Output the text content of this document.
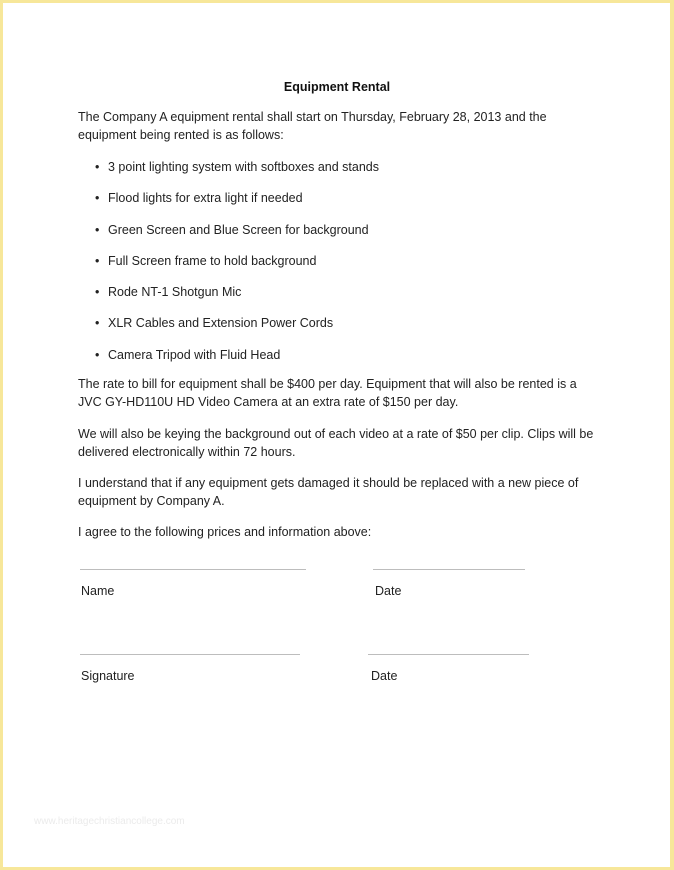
Equipment Rental
The Company A equipment rental shall start on Thursday, February 28, 2013 and the equipment being rented is as follows:
• 3 point lighting system with softboxes and stands
• Flood lights for extra light if needed
• Green Screen and Blue Screen for background
• Full Screen frame to hold background
• Rode NT-1 Shotgun Mic
• XLR Cables and Extension Power Cords
• Camera Tripod with Fluid Head
The rate to bill for equipment shall be $400 per day. Equipment that will also be rented is a JVC GY-HD110U HD Video Camera at an extra rate of $150 per day.
We will also be keying the background out of each video at a rate of $50 per clip. Clips will be delivered electronically within 72 hours.
I understand that if any equipment gets damaged it should be replaced with a new piece of equipment by Company A.
I agree to the following prices and information above:
Name	Date
Signature	Date
www.heritagechristiancollege.com
